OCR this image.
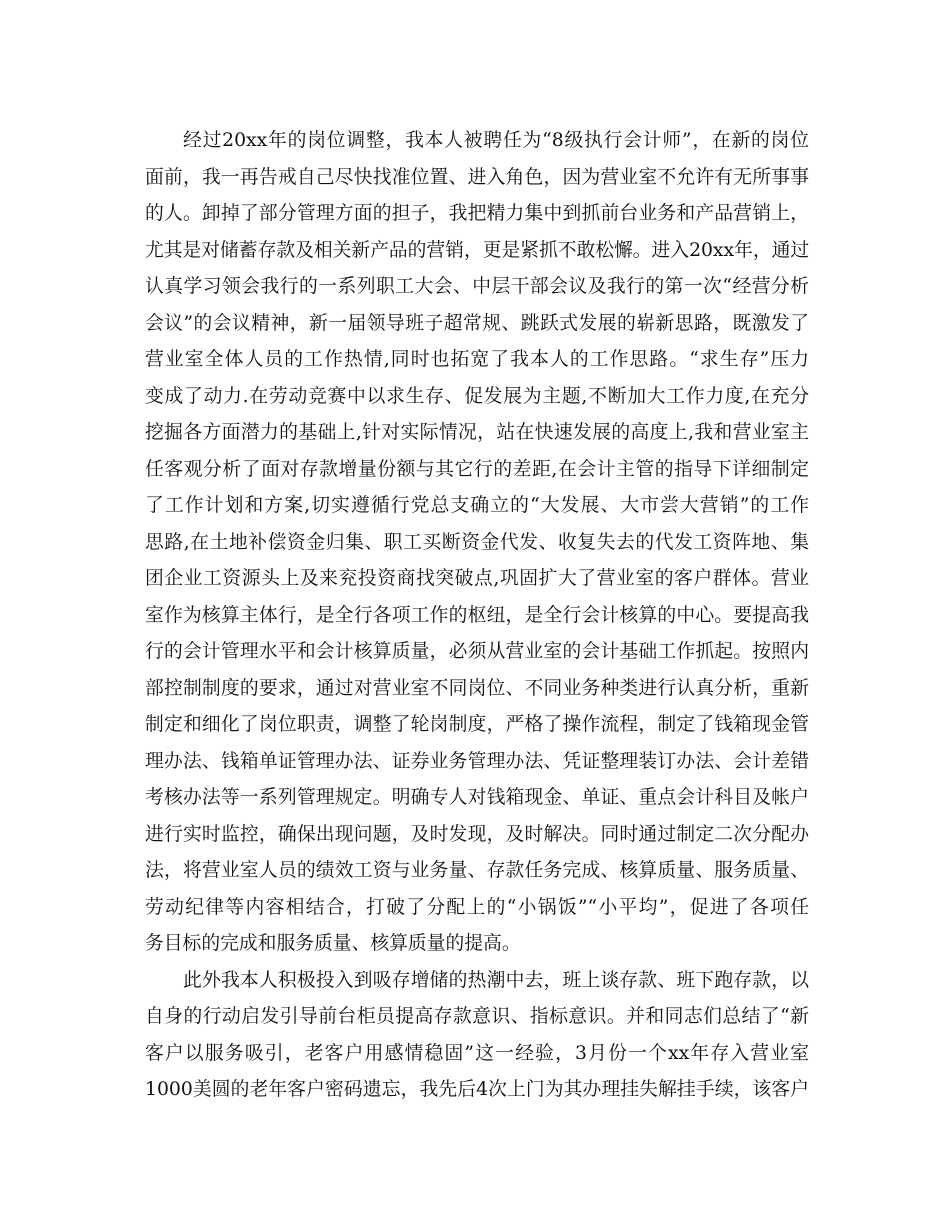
经过20xx年的岗位调整，我本人被聘任为“8级执行会计师”，在新的岗位
面前，我一再告戒自己尽快找准位置、进入角色，因为营业室不允许有无所事事
的人。卸掉了部分管理方面的担子，我把精力集中到抓前台业务和产品营销上，
尤其是对储蓄存款及相关新产品的营销，更是紧抓不敢松懈。进入20xx年，通过
认真学习领会我行的一系列职工大会、中层干部会议及我行的第一次“经营分析
会议”的会议精神，新一届领导班子超常规、跳跃式发展的崭新思路，既激发了
营业室全体人员的工作热情,同时也拓宽了我本人的工作思路。“求生存”压力
变成了动力.在劳动竞赛中以求生存、促发展为主题,不断加大工作力度,在充分
挖掘各方面潜力的基础上,针对实际情况，站在快速发展的高度上,我和营业室主
任客观分析了面对存款增量份额与其它行的差距,在会计主管的指导下详细制定
了工作计划和方案,切实遵循行党总支确立的“大发展、大市尝大营销”的工作
思路,在土地补偿资金归集、职工买断资金代发、收复失去的代发工资阵地、集
团企业工资源头上及来兖投资商找突破点,巩固扩大了营业室的客户群体。营业
室作为核算主体行，是全行各项工作的枢纽，是全行会计核算的中心。要提高我
行的会计管理水平和会计核算质量，必须从营业室的会计基础工作抓起。按照内
部控制制度的要求，通过对营业室不同岗位、不同业务种类进行认真分析，重新
制定和细化了岗位职责，调整了轮岗制度，严格了操作流程，制定了钱箱现金管
理办法、钱箱单证管理办法、证券业务管理办法、凭证整理装订办法、会计差错
考核办法等一系列管理规定。明确专人对钱箱现金、单证、重点会计科目及帐户
进行实时监控，确保出现问题，及时发现，及时解决。同时通过制定二次分配办
法，将营业室人员的绩效工资与业务量、存款任务完成、核算质量、服务质量、
劳动纪律等内容相结合，打破了分配上的“小锅饭”“小平均”，促进了各项任
务目标的完成和服务质量、核算质量的提高。

此外我本人积极投入到吸存增储的热潮中去，班上谈存款、班下跑存款，以
自身的行动启发引导前台柜员提高存款意识、指标意识。并和同志们总结了“新
客户以服务吸引，老客户用感情稳固”这一经验，3月份一个xx年存入营业室
1000美圆的老年客户密码遗忘，我先后4次上门为其办理挂失解挂手续，该客户
